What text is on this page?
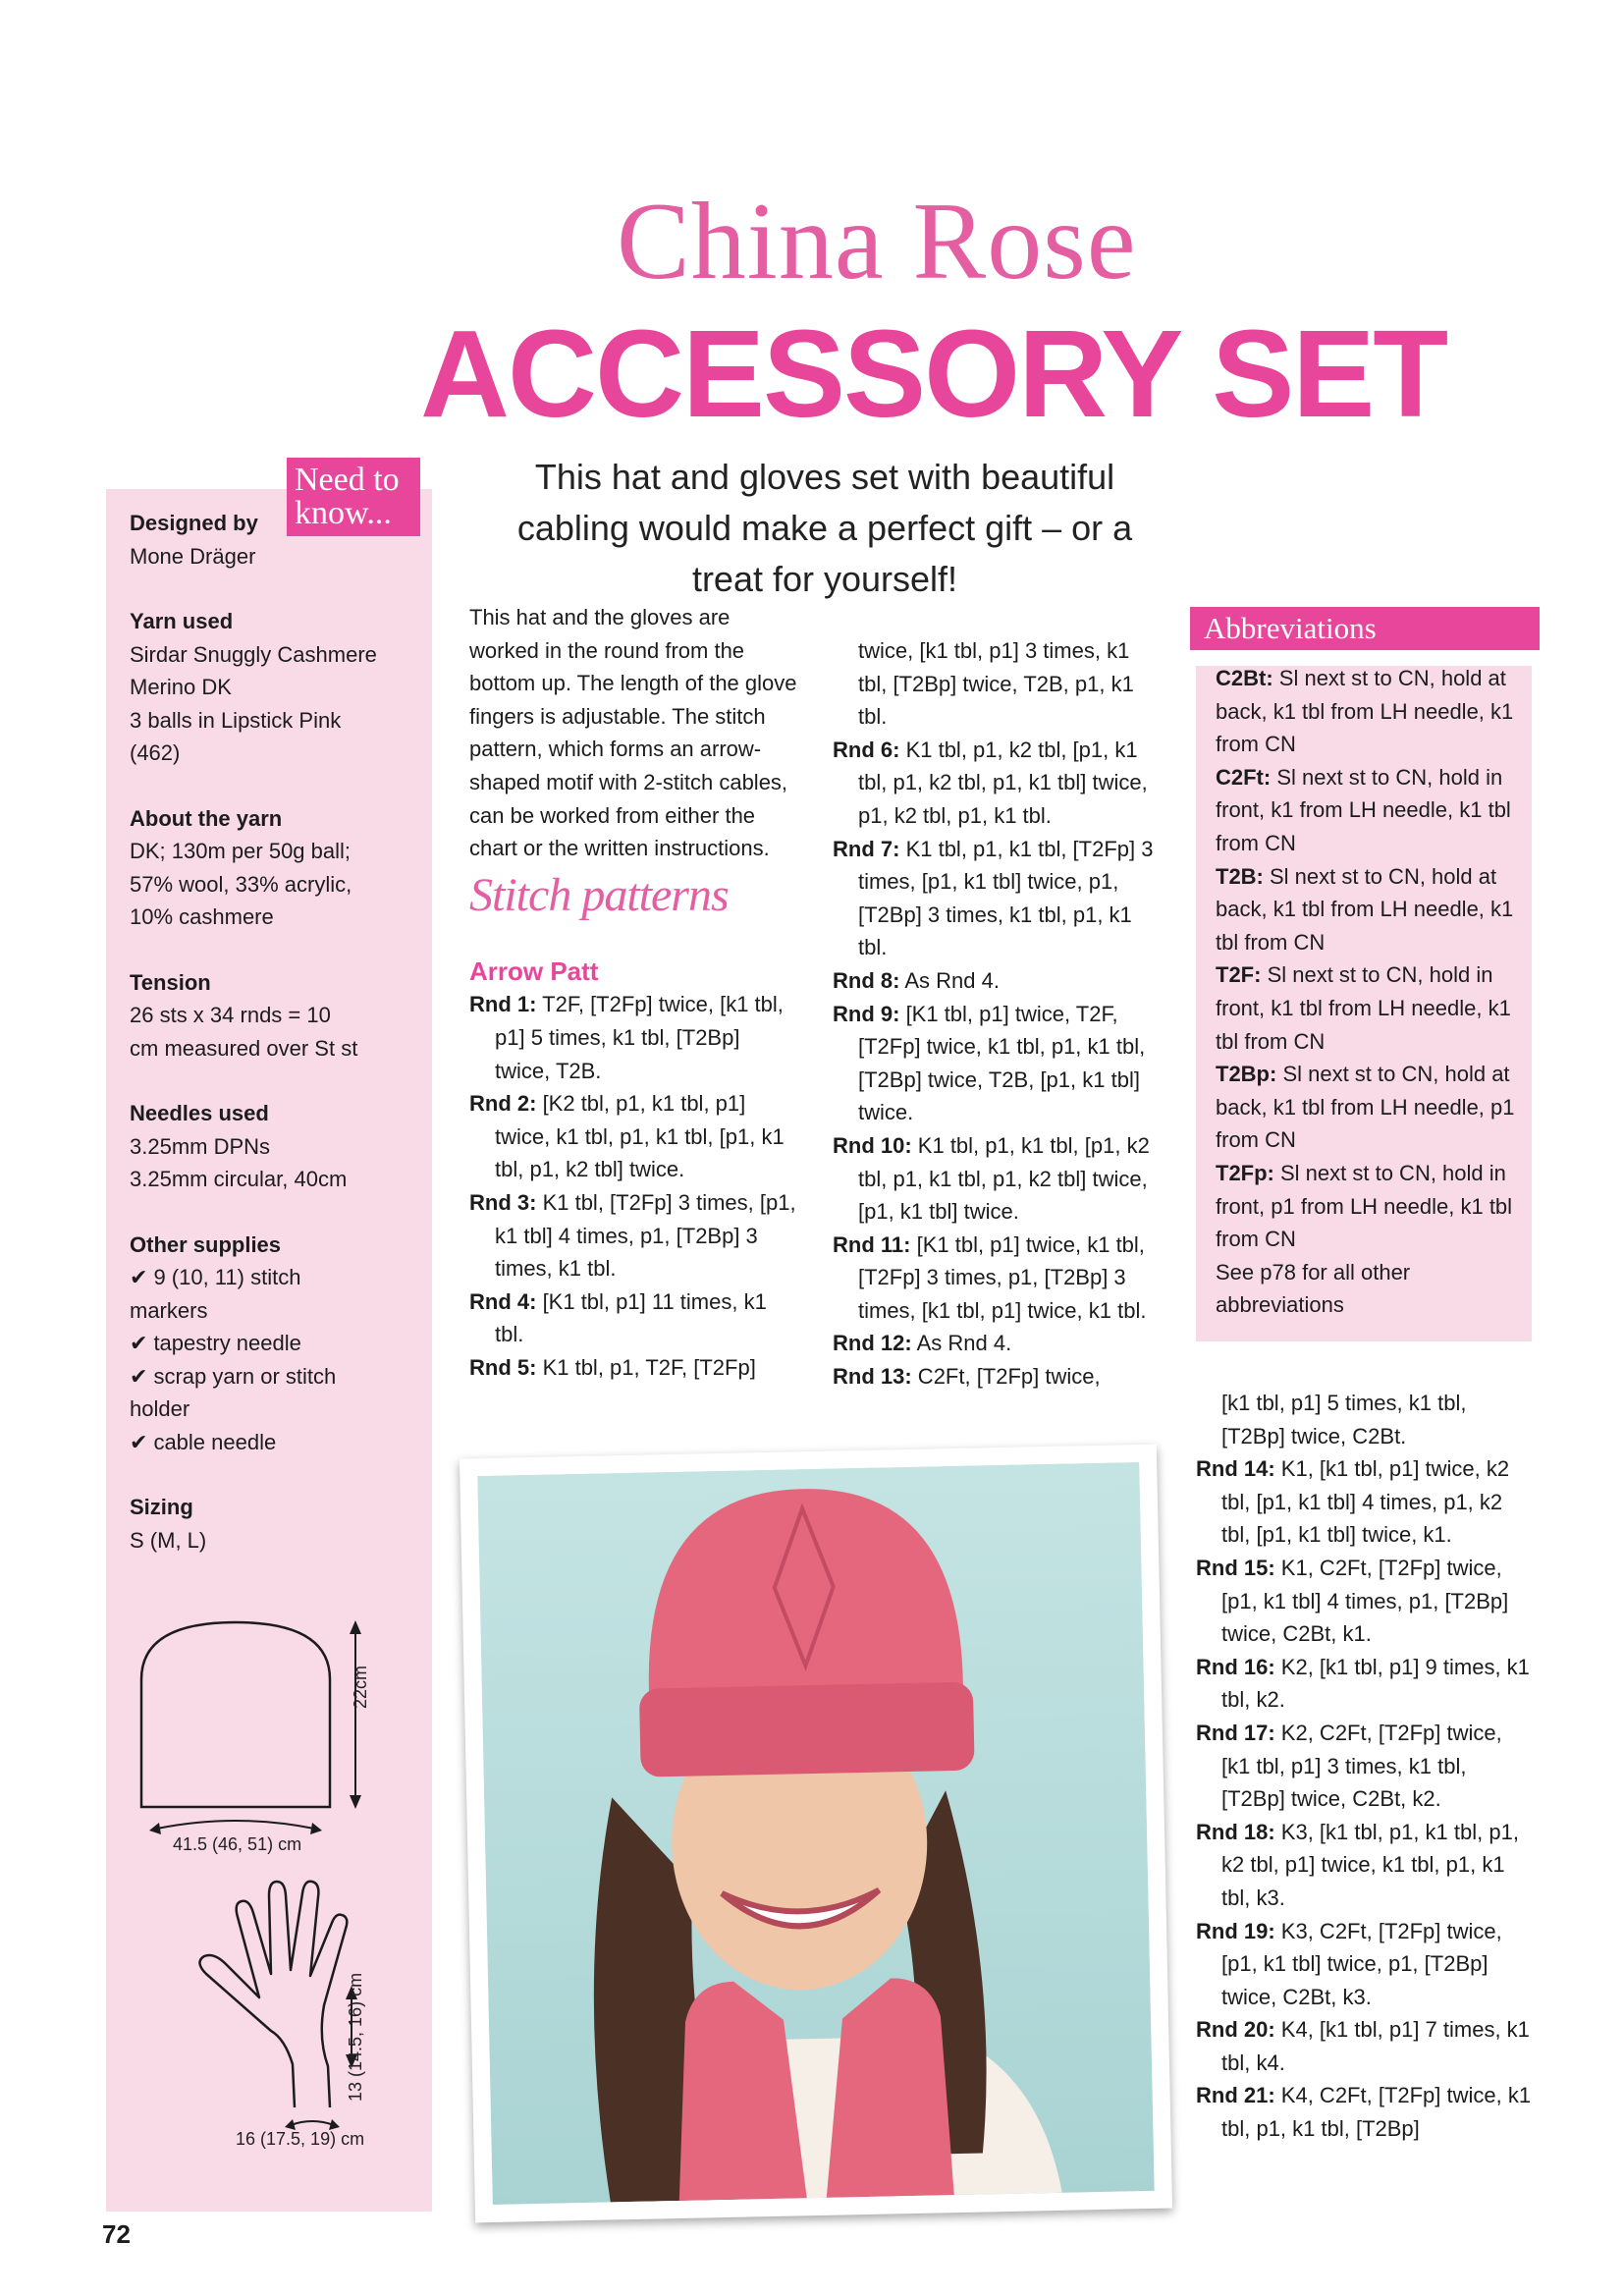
China Rose
ACCESSORY SET
This hat and gloves set with beautiful cabling would make a perfect gift – or a treat for yourself!
Need to know...
Designed by
Mone Dräger
Yarn used
Sirdar Snuggly Cashmere
Merino DK
3 balls in Lipstick Pink
(462)
About the yarn
DK; 130m per 50g ball;
57% wool, 33% acrylic,
10% cashmere
Tension
26 sts x 34 rnds = 10
cm measured over St st
Needles used
3.25mm DPNs
3.25mm circular, 40cm
Other supplies
✔ 9 (10, 11) stitch
markers
✔ tapestry needle
✔ scrap yarn or stitch
holder
✔ cable needle
Sizing
S (M, L)
22cm
41.5 (46, 51) cm
13 (14.5, 16) cm
16 (17.5, 19) cm

This hat and the gloves are worked in the round from the bottom up. The length of the glove fingers is adjustable. The stitch pattern, which forms an arrow-shaped motif with 2-stitch cables, can be worked from either the chart or the written instructions.

Stitch patterns
Arrow Patt

Rnd 1: T2F, [T2Fp] twice, [k1 tbl, p1] 5 times, k1 tbl, [T2Bp] twice, T2B.

Rnd 2: [K2 tbl, p1, k1 tbl, p1] twice, k1 tbl, p1, k1 tbl, [p1, k1 tbl, p1, k2 tbl] twice.

Rnd 3: K1 tbl, [T2Fp] 3 times, [p1, k1 tbl] 4 times, p1, [T2Bp] 3 times, k1 tbl.

Rnd 4: [K1 tbl, p1] 11 times, k1 tbl.

Rnd 5: K1 tbl, p1, T2F, [T2Fp]

twice, [k1 tbl, p1] 3 times, k1 tbl, [T2Bp] twice, T2B, p1, k1 tbl.

Rnd 6: K1 tbl, p1, k2 tbl, [p1, k1 tbl, p1, k2 tbl, p1, k1 tbl] twice, p1, k2 tbl, p1, k1 tbl.

Rnd 7: K1 tbl, p1, k1 tbl, [T2Fp] 3 times, [p1, k1 tbl] twice, p1, [T2Bp] 3 times, k1 tbl, p1, k1 tbl.

Rnd 8: As Rnd 4.

Rnd 9: [K1 tbl, p1] twice, T2F, [T2Fp] twice, k1 tbl, p1, k1 tbl, [T2Bp] twice, T2B, [p1, k1 tbl] twice.

Rnd 10: K1 tbl, p1, k1 tbl, [p1, k2 tbl, p1, k1 tbl, p1, k2 tbl] twice, [p1, k1 tbl] twice.

Rnd 11: [K1 tbl, p1] twice, k1 tbl, [T2Fp] 3 times, p1, [T2Bp] 3 times, [k1 tbl, p1] twice, k1 tbl.

Rnd 12: As Rnd 4.

Rnd 13: C2Ft, [T2Fp] twice,

Abbreviations

C2Bt: Sl next st to CN, hold at back, k1 tbl from LH needle, k1 from CN

C2Ft: Sl next st to CN, hold in front, k1 from LH needle, k1 tbl from CN

T2B: Sl next st to CN, hold at back, k1 tbl from LH needle, k1 tbl from CN

T2F: Sl next st to CN, hold in front, k1 tbl from LH needle, k1 tbl from CN

T2Bp: Sl next st to CN, hold at back, k1 tbl from LH needle, p1 from CN

T2Fp: Sl next st to CN, hold in front, p1 from LH needle, k1 tbl from CN

See p78 for all other abbreviations

[k1 tbl, p1] 5 times, k1 tbl, [T2Bp] twice, C2Bt.

Rnd 14: K1, [k1 tbl, p1] twice, k2 tbl, [p1, k1 tbl] 4 times, p1, k2 tbl, [p1, k1 tbl] twice, k1.

Rnd 15: K1, C2Ft, [T2Fp] twice, [p1, k1 tbl] 4 times, p1, [T2Bp] twice, C2Bt, k1.

Rnd 16: K2, [k1 tbl, p1] 9 times, k1 tbl, k2.

Rnd 17: K2, C2Ft, [T2Fp] twice, [k1 tbl, p1] 3 times, k1 tbl, [T2Bp] twice, C2Bt, k2.

Rnd 18: K3, [k1 tbl, p1, k1 tbl, p1, k2 tbl, p1] twice, k1 tbl, p1, k1 tbl, k3.

Rnd 19: K3, C2Ft, [T2Fp] twice, [p1, k1 tbl] twice, p1, [T2Bp] twice, C2Bt, k3.

Rnd 20: K4, [k1 tbl, p1] 7 times, k1 tbl, k4.

Rnd 21: K4, C2Ft, [T2Fp] twice, k1 tbl, p1, k1 tbl, [T2Bp]

72
